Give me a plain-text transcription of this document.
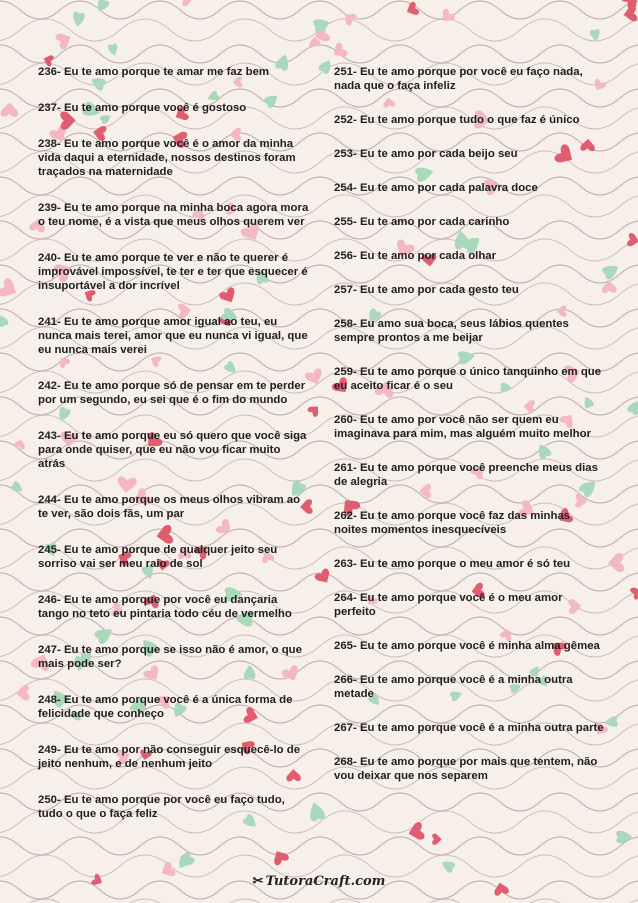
236- Eu te amo porque te amar me faz bem

237- Eu te amo porque você é gostoso

238- Eu te amo porque você é o amor da minha vida daqui a eternidade, nossos destinos foram traçados na maternidade

239- Eu te amo porque na minha boca agora mora o teu nome, é a vista que meus olhos querem ver

240- Eu te amo porque te ver e não te querer é improvável impossível, te ter e ter que esquecer é insuportável a dor incrível

241- Eu te amo porque amor igual ao teu, eu nunca mais terei, amor que eu nunca vi igual, que eu nunca mais verei

242- Eu te amo porque só de pensar em te perder por um segundo, eu sei que é o fim do mundo

243- Eu te amo porque eu só quero que você siga para onde quiser, que eu não vou ficar muito atrás

244- Eu te amo porque os meus olhos vibram ao te ver, são dois fãs, um par

245- Eu te amo porque de qualquer jeito seu sorriso vai ser meu raio de sol

246- Eu te amo porque por você eu dançaria tango no teto eu pintaria todo céu de vermelho

247- Eu te amo porque se isso não é amor, o que mais pode ser?

248- Eu te amo porque você é a única forma de felicidade que conheço

249- Eu te amo por não conseguir esquecê-lo de jeito nenhum, e de nenhum jeito

250- Eu te amo porque por você eu faço tudo, tudo o que o faça feliz

251- Eu te amo porque por você eu faço nada, nada que o faça infeliz

252- Eu te amo porque tudo o que faz é único

253- Eu te amo por cada beijo seu

254- Eu te amo por cada palavra doce

255- Eu te amo por cada carinho

256- Eu te amo por cada olhar

257- Eu te amo por cada gesto teu

258- Eu amo sua boca, seus lábios quentes sempre prontos a me beijar

259- Eu te amo porque o único tanquinho em que eu aceito ficar é o seu

260- Eu te amo por você não ser quem eu imaginava para mim, mas alguém muito melhor

261- Eu te amo porque você preenche meus dias de alegria

262- Eu te amo porque você faz das minhas noites momentos inesquecíveis

263- Eu te amo porque o meu amor é só teu

264- Eu te amo porque você é o meu amor perfeito

265- Eu te amo porque você é minha alma gêmea

266- Eu te amo porque você é a minha outra metade

267- Eu te amo porque você é a minha outra parte

268- Eu te amo porque por mais que tentem, não vou deixar que nos separem

✂ TutoraCraft.com
